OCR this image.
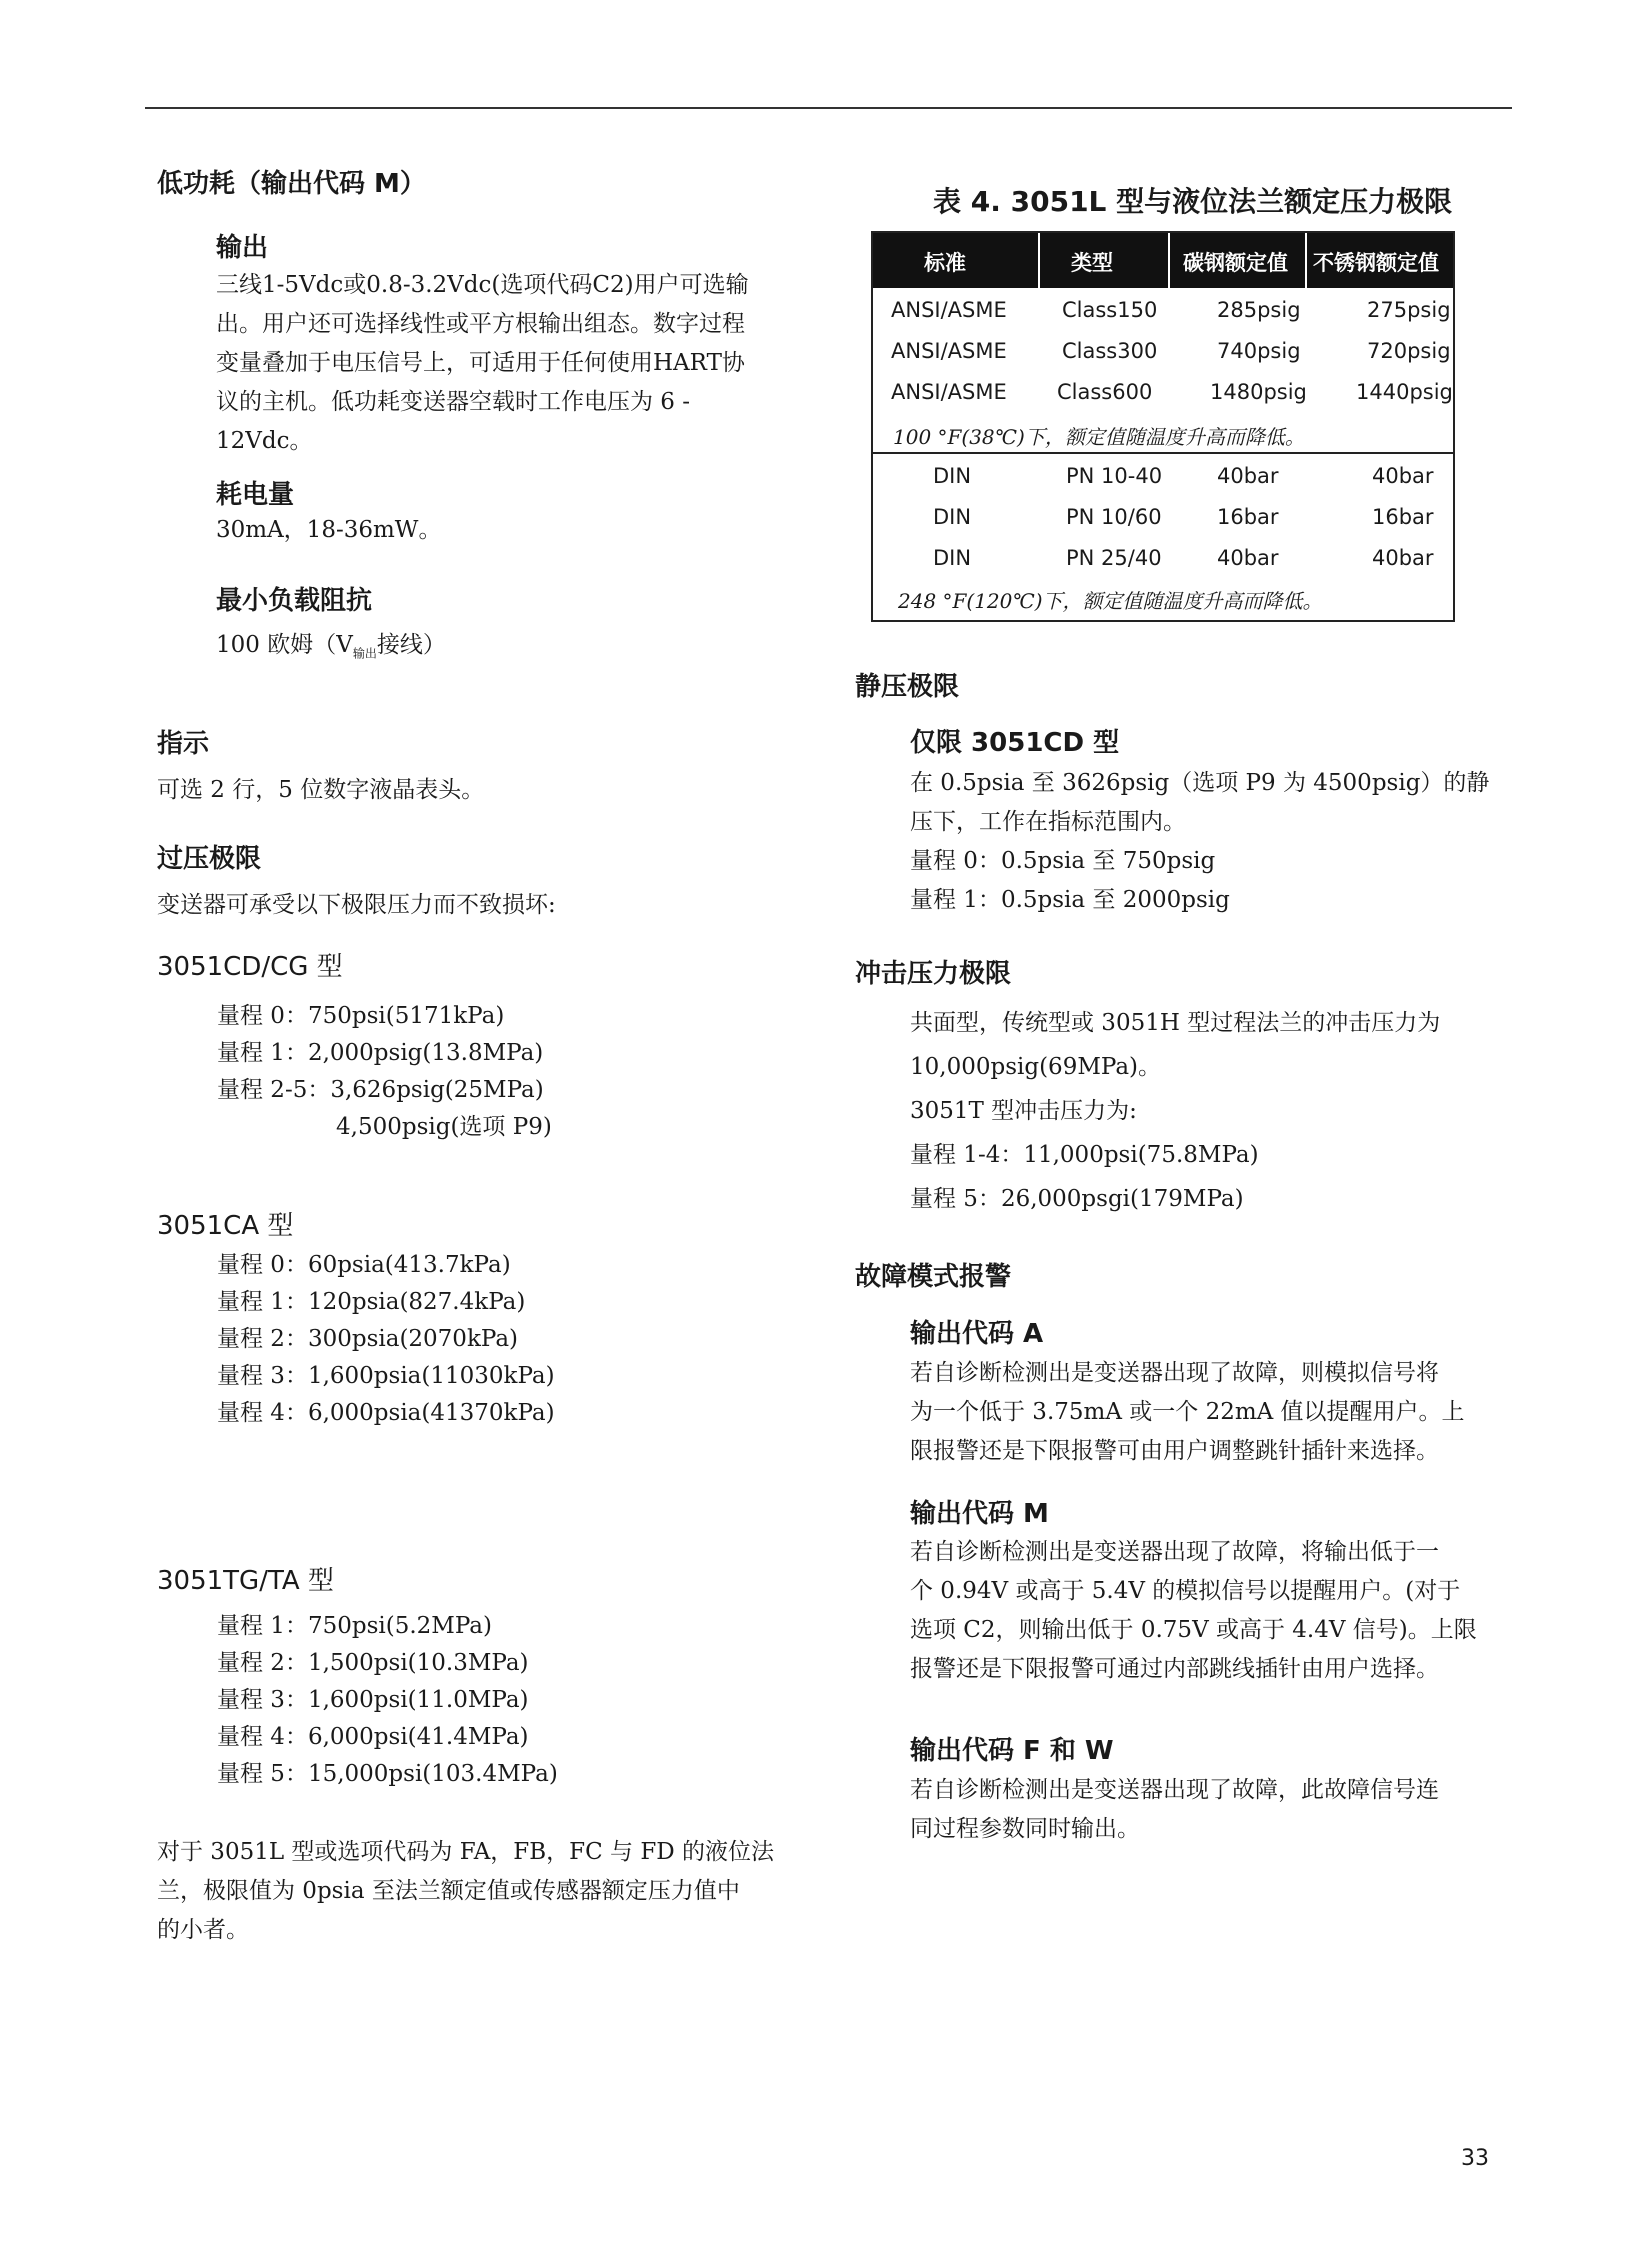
低功耗（输出代码 M）
输出
三线1-5Vdc或0.8-3.2Vdc(选项代码C2)用户可选输
出。用户还可选择线性或平方根输出组态。数字过程
变量叠加于电压信号上，可适用于任何使用HART协
议的主机。低功耗变送器空载时工作电压为 6 -
12Vdc。
耗电量
30mA，18-36mW。
最小负载阻抗
100 欧姆（$V_{输出}$接线）
指示
可选 2 行，5 位数字液晶表头。
过压极限
变送器可承受以下极限压力而不致损坏:
3051CD/CG 型
量程 0：750psi(5171kPa)
量程 1：2,000psig(13.8MPa)
量程 2-5：3,626psig(25MPa)
4,500psig(选项 P9)
3051CA 型
量程 0：60psia(413.7kPa)
量程 1：120psia(827.4kPa)
量程 2：300psia(2070kPa)
量程 3：1,600psia(11030kPa)
量程 4：6,000psia(41370kPa)
3051TG/TA 型
量程 1：750psi(5.2MPa)
量程 2：1,500psi(10.3MPa)
量程 3：1,600psi(11.0MPa)
量程 4：6,000psi(41.4MPa)
量程 5：15,000psi(103.4MPa)
对于 3051L 型或选项代码为 FA，FB，FC 与 FD 的液位法
兰，极限值为 0psia 至法兰额定值或传感器额定压力值中
的小者。
表 4. 3051L 型与液位法兰额定压力极限
标准	类型	碳钢额定值 不锈钢额定值
ANSI/ASME	Class150	285psig	275psig
ANSI/ASME	Class300	740psig	720psig
ANSI/ASME Class600	1480psig 1440psig
100 °F(38℃)下，额定值随温度升高而降低。
DIN	PN 10-40	40bar	40bar
DIN	PN 10/60	16bar	16bar
DIN	PN 25/40	40bar	40bar
248 °F(120℃)下，额定值随温度升高而降低。
静压极限
仅限 3051CD 型
在 0.5psia 至 3626psig（选项 P9 为 4500psig）的静
压下，工作在指标范围内。
量程 0：0.5psia 至 750psig
量程 1：0.5psia 至 2000psig
冲击压力极限
共面型，传统型或 3051H 型过程法兰的冲击压力为
10,000psig(69MPa)。
3051T 型冲击压力为:
量程 1-4：11,000psi(75.8MPa)
量程 5：26,000psgi(179MPa)
故障模式报警
输出代码 A
若自诊断检测出是变送器出现了故障，则模拟信号将
为一个低于 3.75mA 或一个 22mA 值以提醒用户。上
限报警还是下限报警可由用户调整跳针插针来选择。
输出代码 M
若自诊断检测出是变送器出现了故障，将输出低于一
个 0.94V 或高于 5.4V 的模拟信号以提醒用户。(对于
选项 C2，则输出低于 0.75V 或高于 4.4V 信号)。上限
报警还是下限报警可通过内部跳线插针由用户选择。
输出代码 F 和 W
若自诊断检测出是变送器出现了故障，此故障信号连
同过程参数同时输出。
33
